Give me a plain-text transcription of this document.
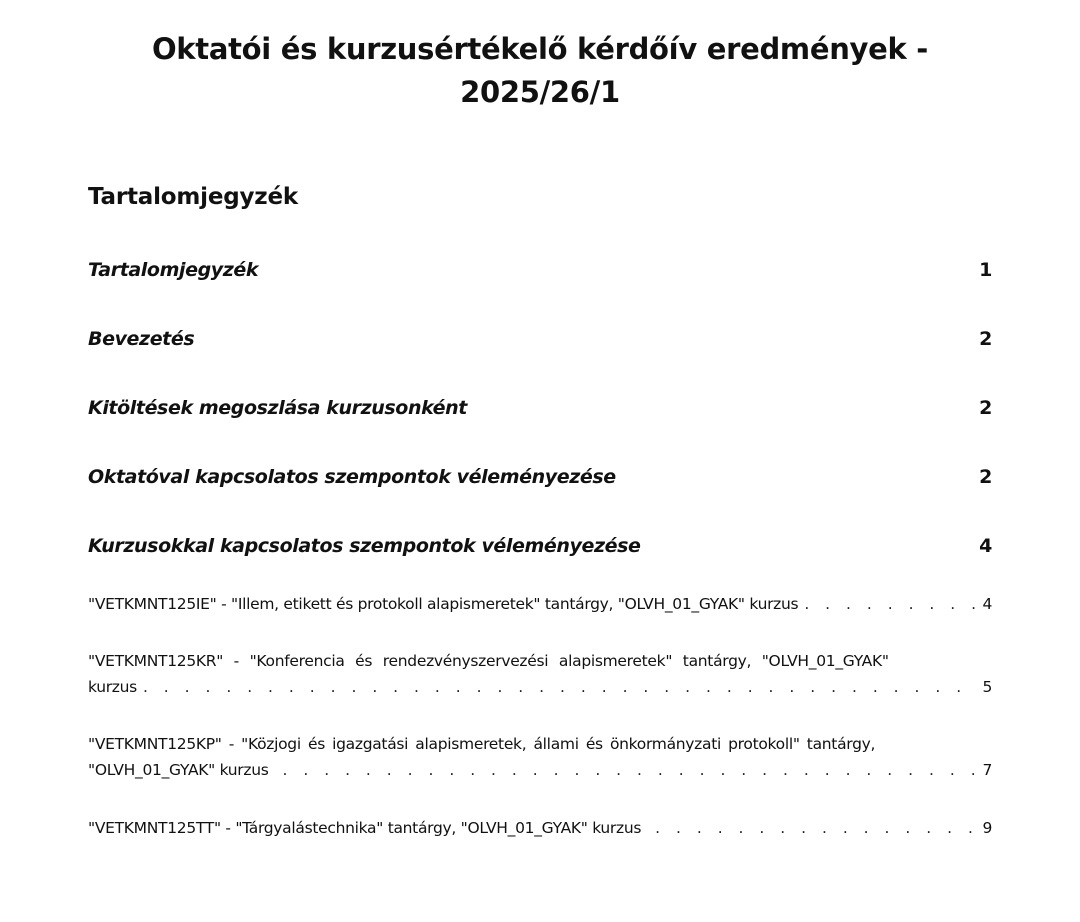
Oktatói és kurzusértékelő kérdőív eredmények -
2025/26/1
Tartalomjegyzék
Tartalomjegyzék	1
Bevezetés	2
Kitöltések megoszlása kurzusonként	2
Oktatóval kapcsolatos szempontok véleményezése	2
Kurzusokkal kapcsolatos szempontok véleményezése	4
"VETKMNT125IE" - "Illem, etikett és protokoll alapismeretek" tantárgy, "OLVH_01_GYAK" kurzus . . .	4
"VETKMNT125KR" - "Konferencia és rendezvényszervezési alapismeretek" tantárgy, "OLVH_01_GYAK"
kurzus . . .	5
"VETKMNT125KP" - "Közjogi és igazgatási alapismeretek, állami és önkormányzati protokoll" tantárgy,
"OLVH_01_GYAK" kurzus . . .	7
"VETKMNT125TT" - "Tárgyalástechnika" tantárgy, "OLVH_01_GYAK" kurzus . . .	9
